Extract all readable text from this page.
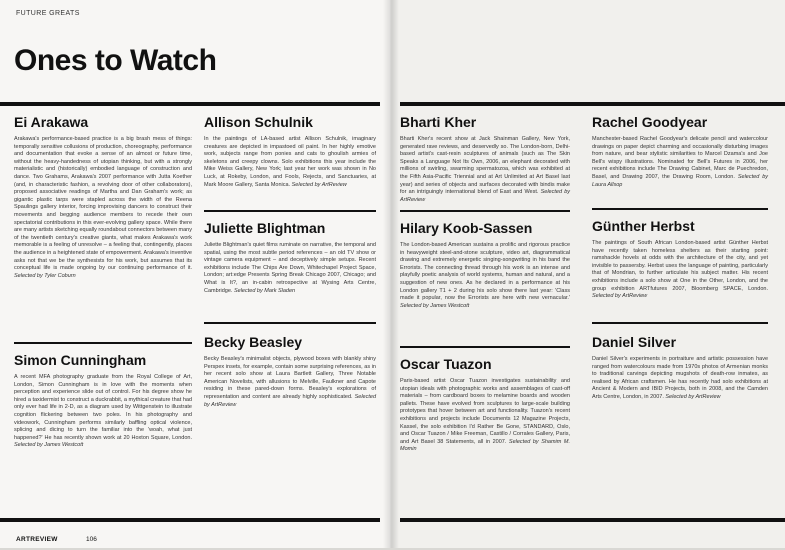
FUTURE GREATS
Ones to Watch
Ei Arakawa

Arakawa's performance-based practice is a big brash mess of things: temporally sensitive collusions of production, choreography, performance and documentation that evoke a sense of an almost or future time, without the heavy-handedness of utopian thinking, but with a strongly materialistic and (historically) embodied language of construction and dance. Two Grahams, Arakawa's 2007 performance with Jutta Koether (and, in characteristic fashion, a revolving door of other collaborators), proposed associative readings of Martha and Dan Graham's work; as gigantic plastic tarps were stapled across the width of the Reena Spaulings gallery interior, forcing improvising dancers to construct their movements and begging audience members to recede their own spectatorial contributions in this ever-evolving gallery space. While there are many artists sketching equally roundabout connectors between many of the twentieth century's creative giants, what makes Arakawa's work memorable is a feeling of unresolve – a feeling that, contingently, places the audience in a heightened state of empowerment. Arakawa's inventive asks not that we be the synthesists for his work, but assumes that its conceptual life is made ongoing by our continuing performance of it. Selected by Tyler Coburn

Simon Cunningham

A recent MFA photography graduate from the Royal College of Art, London, Simon Cunningham is in love with the moments when perception and experience slide out of control. For his degree show he hired a taxidermist to construct a duckrabbit, a mythical creature that had only ever had life in 2-D, as a diagram used by Wittgenstein to illustrate cognition flickering between two poles. In his photography and videowork, Cunningham performs similarly baffling optical violence, splicing and dicing to turn the familiar into the 'woah, what just happened?' He has recently shown work at 20 Hoxton Square, London. Selected by James Westcott

Allison Schulnik

In the paintings of LA-based artist Allison Schulnik, imaginary creatures are depicted in impastoed oil paint. In her highly emotive work, subjects range from ponies and cats to ghoulish armies of skeletons and creepy clowns. Solo exhibitions this year include the Mike Weiss Gallery, New York; last year her work was shown in No Luck, at Rokeby, London, and Fools, Rejects, and Sanctuaries, at Mark Moore Gallery, Santa Monica. Selected by ArtReview

Juliette Blightman

Juliette Blightman's quiet films ruminate on narrative, the temporal and spatial, using the most subtle period references – an old TV show or vintage camera equipment – and deceptively simple setups. Recent exhibitions include The Chips Are Down, Whitechapel Project Space, London; art:edge Presents Spring Break Chicago 2007, Chicago; and What is It?, an in-cabin retrospective at Wysing Arts Centre, Cambridge. Selected by Mark Sladen

Becky Beasley

Becky Beasley's minimalist objects, plywood boxes with blankly shiny Perspex insets, for example, contain some surprising references, as in her recent solo show at Laura Bartlett Gallery, Three Notable American Novelists, with allusions to Melville, Faulkner and Capote residing in these pared-down forms. Beasley's explorations of representation and content are already highly sophisticated. Selected by ArtReview

Bharti Kher

Bharti Kher's recent show at Jack Shainman Gallery, New York, generated rave reviews, and deservedly so. The London-born, Delhi-based artist's cast-resin sculptures of animals (such as The Skin Speaks a Language Not Its Own, 2006, an elephant decorated with millions of swirling, swarming spermatozoa, which was exhibited at the Fifth Asia-Pacific Triennial and at Art Unlimited at Art Basel last year) and series of objects and surfaces decorated with bindis make for an intriguingly international blend of East and West. Selected by ArtReview

Hilary Koob-Sassen

The London-based American sustains a prolific and rigorous practice in heavyweight steel-and-stone sculpture, video art, diagrammatical drawing and extremely energetic singing-songwriting in his band the Errorists. The connecting thread through his work is an intense and playfully poetic analysis of world systems, human and natural, and a suggestion of new ones. As he declared in a performance at his London gallery T1 + 2 during his solo show there last year: 'Class made it popular, now the Errorists are here with new vernacular.' Selected by James Westcott

Oscar Tuazon

Paris-based artist Oscar Tuazon investigates sustainability and utopian ideals with photographic works and assemblages of cast-off materials – from cardboard boxes to melamine boards and wooden pallets. These have evolved from sculptures to large-scale building prototypes that hover between art and functionality. Tuazon's recent exhibitions and projects include Documents 12 Magazine Projects, Kassel, the solo exhibition I'd Rather Be Gone, STANDARD, Oslo, and Oscar Tuazon / Mike Freeman, Castillo / Corrales Gallery, Paris, and Art Basel 38 Statements, all in 2007. Selected by Shamim M. Momin

Rachel Goodyear

Manchester-based Rachel Goodyear's delicate pencil and watercolour drawings on paper depict charming and occasionally disturbing images from nature, and bear stylistic similarities to Marcel Dzama's and Joe Bell's wispy illustrations. Nominated for Bell's Futures in 2006, her recent exhibitions include The Drawing Cabinet, Marc de Puechredon, Basel, and Drawing 2007, the Drawing Room, London. Selected by Laura Allsop

Günther Herbst

The paintings of South African London-based artist Günther Herbst have recently taken homeless shelters as their starting point: ramshackle hovels at odds with the architecture of the city, and yet invisible to passersby. Herbst uses the language of painting, particularly that of Mondrian, to further articulate his subject matter. His recent exhibitions include a solo show at One in the Other, London, and the group exhibition ARTfutures 2007, Bloomberg SPACE, London. Selected by ArtReview

Daniel Silver

Daniel Silver's experiments in portraiture and artistic possession have ranged from watercolours made from 1970s photos of Armenian monks to traditional carvings depicting mugshots of death-row inmates, as realised by African craftsmen. He has recently had solo exhibitions at Ancient & Modern and IBID Projects, both in 2008, and the Camden Arts Centre, London, in 2007. Selected by ArtReview

ARTREVIEW	106
